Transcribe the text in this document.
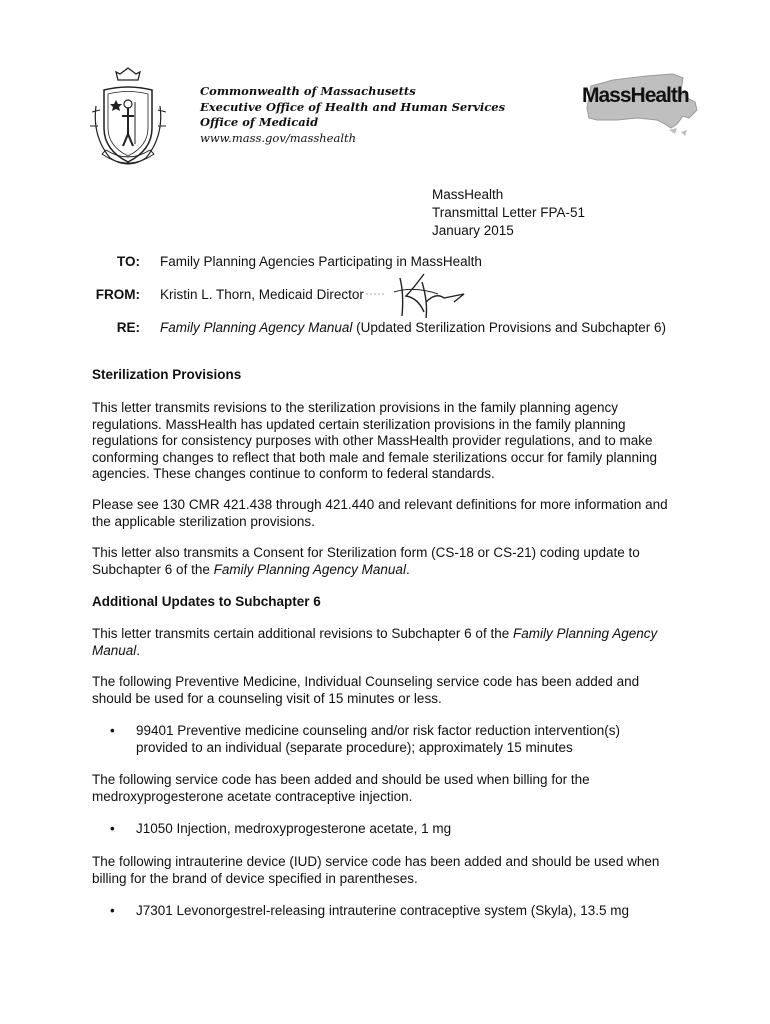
Commonwealth of Massachusetts
Executive Office of Health and Human Services
Office of Medicaid
www.mass.gov/masshealth
MassHealth
MassHealth
Transmittal Letter FPA-51
January 2015
TO: Family Planning Agencies Participating in MassHealth
FROM: Kristin L. Thorn, Medicaid Director
RE: Family Planning Agency Manual (Updated Sterilization Provisions and Subchapter 6)

Sterilization Provisions

This letter transmits revisions to the sterilization provisions in the family planning agency regulations. MassHealth has updated certain sterilization provisions in the family planning regulations for consistency purposes with other MassHealth provider regulations, and to make conforming changes to reflect that both male and female sterilizations occur for family planning agencies. These changes continue to conform to federal standards.

Please see 130 CMR 421.438 through 421.440 and relevant definitions for more information and the applicable sterilization provisions.

This letter also transmits a Consent for Sterilization form (CS-18 or CS-21) coding update to Subchapter 6 of the Family Planning Agency Manual.

Additional Updates to Subchapter 6

This letter transmits certain additional revisions to Subchapter 6 of the Family Planning Agency Manual.

The following Preventive Medicine, Individual Counseling service code has been added and should be used for a counseling visit of 15 minutes or less.

• 99401 Preventive medicine counseling and/or risk factor reduction intervention(s) provided to an individual (separate procedure); approximately 15 minutes

The following service code has been added and should be used when billing for the medroxyprogesterone acetate contraceptive injection.

• J1050 Injection, medroxyprogesterone acetate, 1 mg

The following intrauterine device (IUD) service code has been added and should be used when billing for the brand of device specified in parentheses.

• J7301 Levonorgestrel-releasing intrauterine contraceptive system (Skyla), 13.5 mg
